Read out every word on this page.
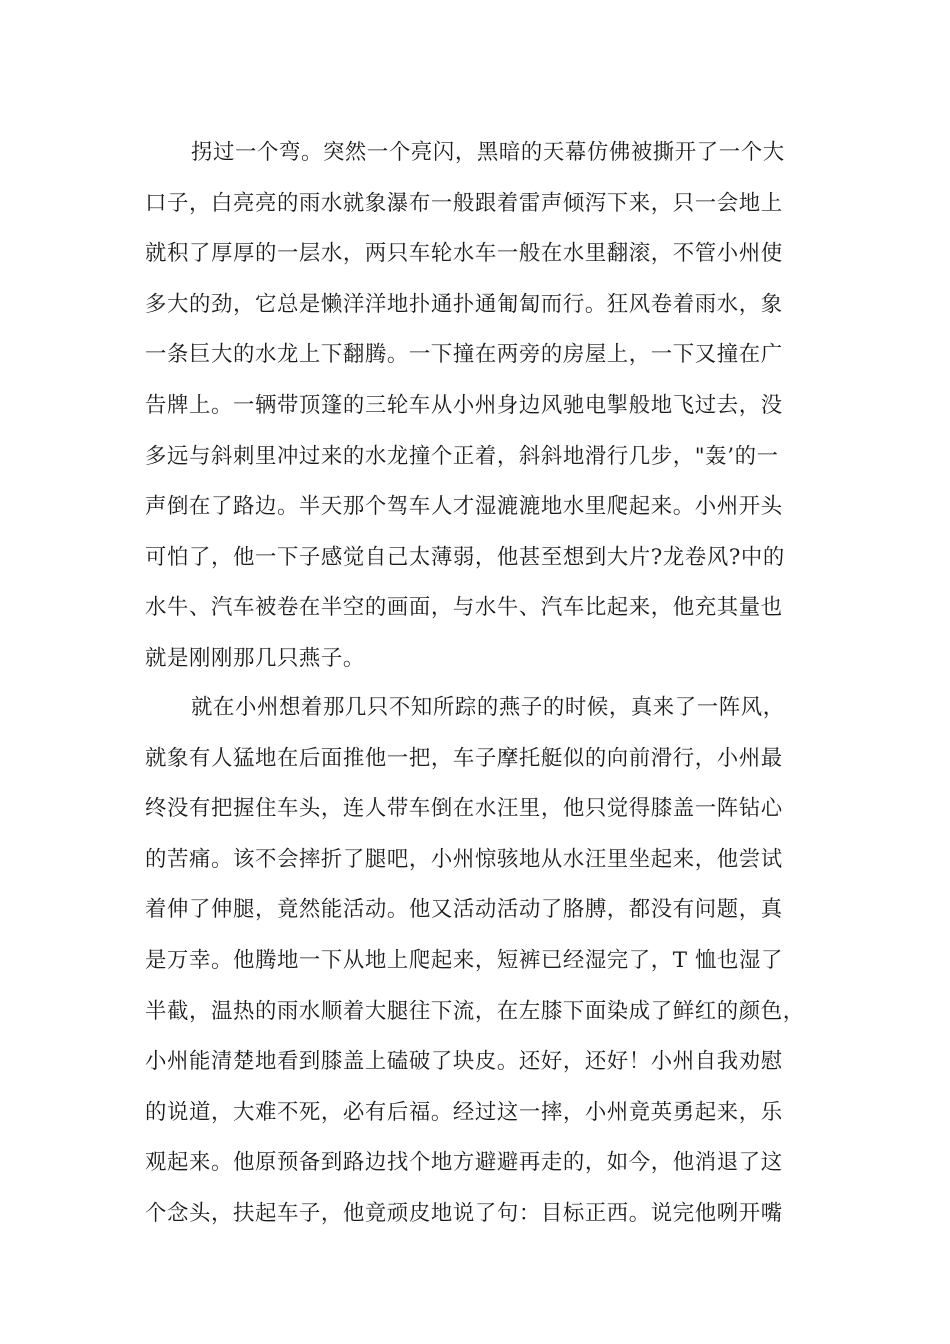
拐过一个弯。突然一个亮闪，黑暗的天幕仿佛被撕开了一个大
口子，白亮亮的雨水就象瀑布一般跟着雷声倾泻下来，只一会地上
就积了厚厚的一层水，两只车轮水车一般在水里翻滚，不管小州使
多大的劲，它总是懒洋洋地扑通扑通匍匐而行。狂风卷着雨水，象
一条巨大的水龙上下翻腾。一下撞在两旁的房屋上，一下又撞在广
告牌上。一辆带顶篷的三轮车从小州身边风驰电掣般地飞过去，没
多远与斜刺里冲过来的水龙撞个正着，斜斜地滑行几步，"轰’的一
声倒在了路边。半天那个驾车人才湿漉漉地水里爬起来。小州开头
可怕了，他一下子感觉自己太薄弱，他甚至想到大片?龙卷风?中的
水牛、汽车被卷在半空的画面，与水牛、汽车比起来，他充其量也
就是刚刚那几只燕子。
就在小州想着那几只不知所踪的燕子的时候，真来了一阵风，
就象有人猛地在后面推他一把，车子摩托艇似的向前滑行，小州最
终没有把握住车头，连人带车倒在水汪里，他只觉得膝盖一阵钻心
的苦痛。该不会摔折了腿吧，小州惊骇地从水汪里坐起来，他尝试
着伸了伸腿，竟然能活动。他又活动活动了胳膊，都没有问题，真
是万幸。他腾地一下从地上爬起来，短裤已经湿完了，T 恤也湿了
半截，温热的雨水顺着大腿往下流，在左膝下面染成了鲜红的颜色，
小州能清楚地看到膝盖上磕破了块皮。还好，还好！小州自我劝慰
的说道，大难不死，必有后福。经过这一摔，小州竟英勇起来，乐
观起来。他原预备到路边找个地方避避再走的，如今，他消退了这
个念头，扶起车子，他竟顽皮地说了句：目标正西。说完他咧开嘴
